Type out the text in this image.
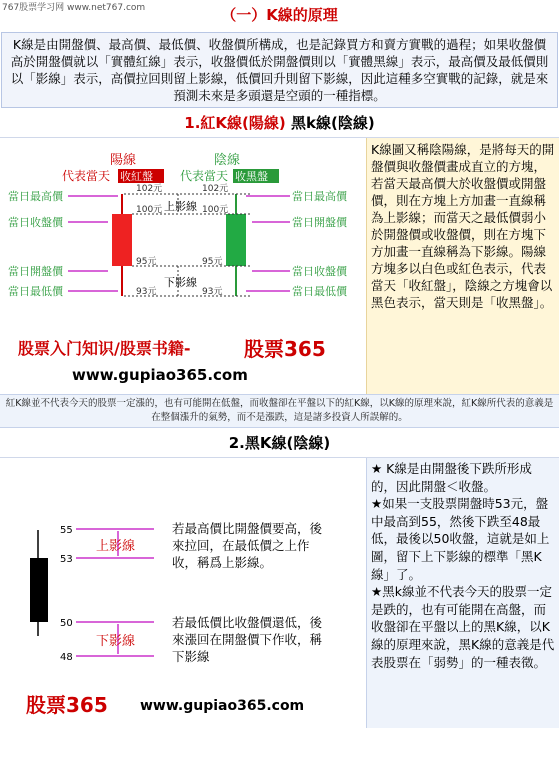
767股票学习网 www.net767.com	（一）K線的原理
K線是由開盤價、最高價、最低價、收盤價所構成，也是記錄買方和賣方實戰的過程；如果收盤價高於開盤價就以「實體紅線」表示，收盤價低於開盤價則以「實體黑線」表示，最高價及最低價則以「影線」表示，高價拉回則留上影線，低價回升則留下影線，因此這種多空實戰的記錄，就是來預測未來是多頭還是空頭的一種指標。
1.紅K線(陽線) 黑k線(陰線)
陽線
代表當天 收紅盤
陰線
代表當天 收黑盤
當日最高價
當日收盤價
當日開盤價
當日最低價
102元
100元
95元
93元
102元
100元
95元
93元
上影線
下影線
當日最高價
當日開盤價
當日收盤價
當日最低價
股票入门知识/股票书籍-	股票365
www.gupiao365.com
K線圖又稱陰陽線，是將每天的開盤價與收盤價畫成直立的方塊，若當天最高價大於收盤價或開盤價，則在方塊上方加畫一直線稱為上影線；而當天之最低價弱小於開盤價或收盤價，則在方塊下方加畫一直線稱為下影線。陽線方塊多以白色或紅色表示，代表當天「收紅盤」，陰線之方塊會以黑色表示，當天則是「收黑盤」。
紅K線並不代表今天的股票一定漲的，也有可能開在低盤，而收盤卻在平盤以下的紅K線，以K線的原理來說，紅K線所代表的意義是在整個漲升的氣勢，而不是漲跌，這是諸多投資人所誤解的。
2.黑K線(陰線)
55
53
50
48
上影線
下影線
若最高價比開盤價要高，後來拉回，在最低價之上作收，稱爲上影線。
若最低價比收盤價還低，後來漲回在開盤價下作收，稱下影線
股票365 www.gupiao365.com
★ K線是由開盤後下跌所形成的，因此開盤＜收盤。
★如果一支股票開盤時53元，盤中最高到55，然後下跌至48最低，最後以50收盤，這就是如上圖，留下上下影線的標準「黑K線」了。
★黑k線並不代表今天的股票一定是跌的，也有可能開在高盤，而收盤卻在平盤以上的黑K線，以K線的原理來說，黑K線的意義是代表股票在「弱勢」的一種表徵。
